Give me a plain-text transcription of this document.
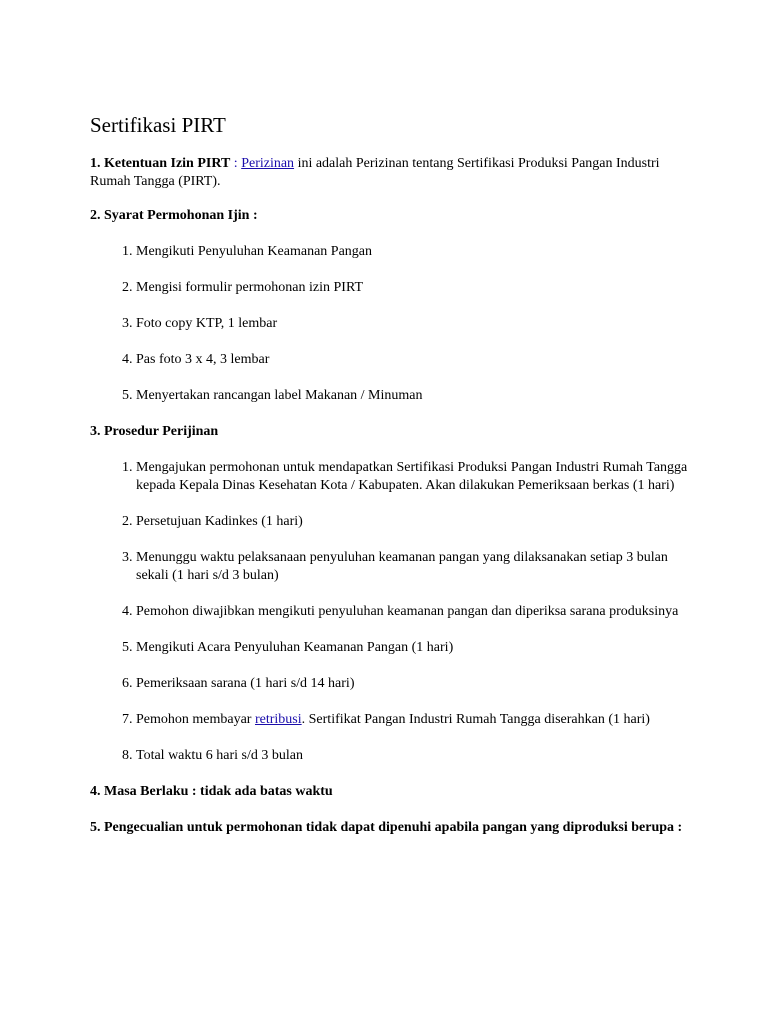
Sertifikasi PIRT

1. Ketentuan Izin PIRT : Perizinan ini adalah Perizinan tentang Sertifikasi Produksi Pangan Industri Rumah Tangga (PIRT).

2. Syarat Permohonan Ijin :

1. Mengikuti Penyuluhan Keamanan Pangan
2. Mengisi formulir permohonan izin PIRT
3. Foto copy KTP, 1 lembar
4. Pas foto 3 x 4, 3 lembar
5. Menyertakan rancangan label Makanan / Minuman

3. Prosedur Perijinan

1. Mengajukan permohonan untuk mendapatkan Sertifikasi Produksi Pangan Industri Rumah Tangga kepada Kepala Dinas Kesehatan Kota / Kabupaten. Akan dilakukan Pemeriksaan berkas (1 hari)
2. Persetujuan Kadinkes (1 hari)
3. Menunggu waktu pelaksanaan penyuluhan keamanan pangan yang dilaksanakan setiap 3 bulan sekali (1 hari s/d 3 bulan)
4. Pemohon diwajibkan mengikuti penyuluhan keamanan pangan dan diperiksa sarana produksinya
5. Mengikuti Acara Penyuluhan Keamanan Pangan (1 hari)
6. Pemeriksaan sarana (1 hari s/d 14 hari)
7. Pemohon membayar retribusi. Sertifikat Pangan Industri Rumah Tangga diserahkan (1 hari)
8. Total waktu 6 hari s/d 3 bulan

4. Masa Berlaku : tidak ada batas waktu

5. Pengecualian untuk permohonan tidak dapat dipenuhi apabila pangan yang diproduksi berupa :
